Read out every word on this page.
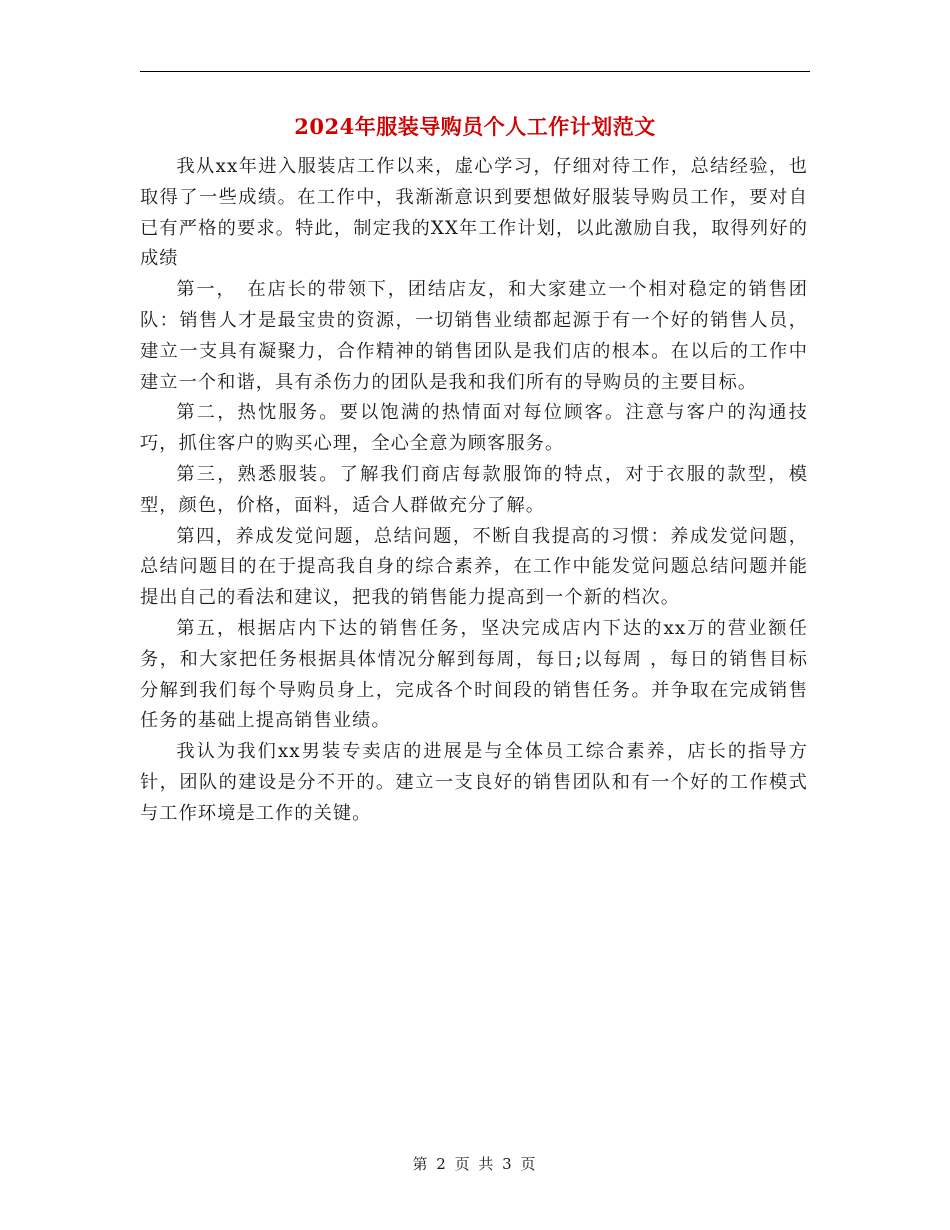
2024年服装导购员个人工作计划范文

我从xx年进入服装店工作以来，虚心学习，仔细对待工作，总结经验，也取得了一些成绩。在工作中，我渐渐意识到要想做好服装导购员工作，要对自已有严格的要求。特此，制定我的XX年工作计划，以此激励自我，取得列好的成绩

第一，　在店长的带领下，团结店友，和大家建立一个相对稳定的销售团队：销售人才是最宝贵的资源，一切销售业绩都起源于有一个好的销售人员，建立一支具有凝聚力，合作精神的销售团队是我们店的根本。在以后的工作中建立一个和谐，具有杀伤力的团队是我和我们所有的导购员的主要目标。

第二，热忱服务。要以饱满的热情面对每位顾客。注意与客户的沟通技巧，抓住客户的购买心理，全心全意为顾客服务。

第三，熟悉服装。了解我们商店每款服饰的特点，对于衣服的款型，模型，颜色，价格，面料，适合人群做充分了解。

第四，养成发觉问题，总结问题，不断自我提高的习惯：养成发觉问题，总结问题目的在于提高我自身的综合素养，在工作中能发觉问题总结问题并能提出自己的看法和建议，把我的销售能力提高到一个新的档次。

第五，根据店内下达的销售任务，坚决完成店内下达的xx万的营业额任务，和大家把任务根据具体情况分解到每周，每日;以每周 ，每日的销售目标分解到我们每个导购员身上，完成各个时间段的销售任务。并争取在完成销售任务的基础上提高销售业绩。

我认为我们xx男装专卖店的进展是与全体员工综合素养，店长的指导方针，团队的建设是分不开的。建立一支良好的销售团队和有一个好的工作模式与工作环境是工作的关键。

第 2 页 共 3 页
